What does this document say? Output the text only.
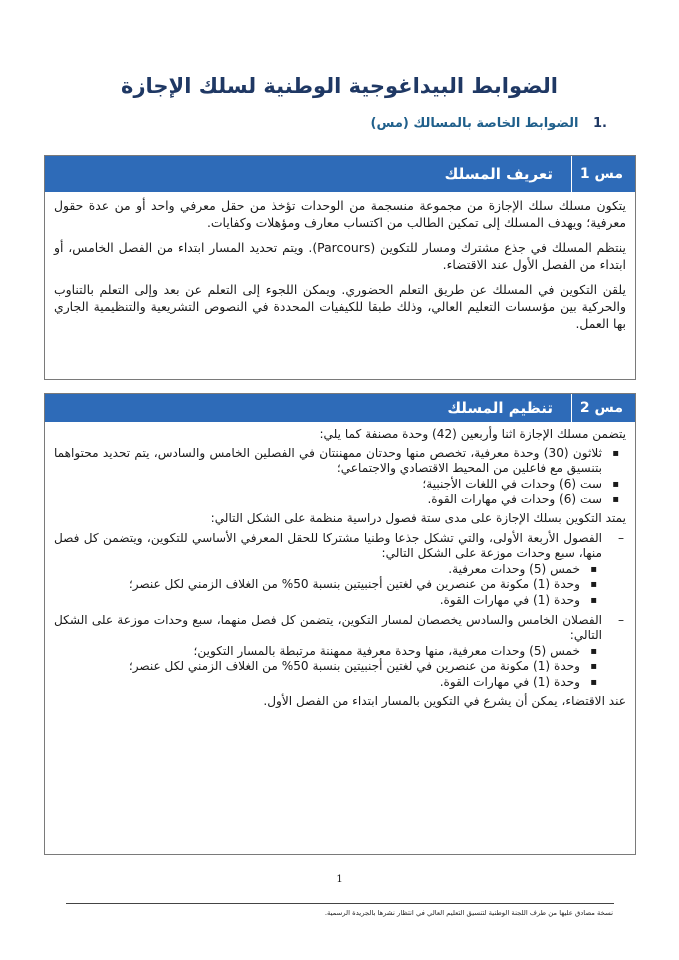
الضوابط البيداغوجية الوطنية لسلك الإجازة
.1 الضوابط الخاصة بالمسالك (مس)
مس 1
تعريف المسلك

يتكون مسلك سلك الإجازة من مجموعة منسجمة من الوحدات تؤخذ من حقل معرفي واحد أو من عدة حقول معرفية؛ ويهدف المسلك إلى تمكين الطالب من اكتساب معارف ومؤهلات وكفايات.

ينتظم المسلك في جذع مشترك ومسار للتكوين (Parcours). ويتم تحديد المسار ابتداء من الفصل الخامس، أو ابتداء من الفصل الأول عند الاقتضاء.

يلقن التكوين في المسلك عن طريق التعلم الحضوري. ويمكن اللجوء إلى التعلم عن بعد وإلى التعلم بالتناوب والحركية بين مؤسسات التعليم العالي، وذلك طبقا للكيفيات المحددة في النصوص التشريعية والتنظيمية الجاري بها العمل.

مس 2
تنظيم المسلك

يتضمن مسلك الإجازة اثنا وأربعين (42) وحدة مصنفة كما يلي:

▪ ثلاثون (30) وحدة معرفية، تخصص منها وحدتان ممهننتان في الفصلين الخامس والسادس، يتم تحديد محتواهما بتنسيق مع فاعلين من المحيط الاقتصادي والاجتماعي؛
▪ ست (6) وحدات في اللغات الأجنبية؛
▪ ست (6) وحدات في مهارات القوة.

يمتد التكوين بسلك الإجازة على مدى ستة فصول دراسية منظمة على الشكل التالي:

– الفصول الأربعة الأولى، والتي تشكل جذعا وطنيا مشتركا للحقل المعرفي الأساسي للتكوين، ويتضمن كل فصل منها، سبع وحدات موزعة على الشكل التالي:
▪ خمس (5) وحدات معرفية.
▪ وحدة (1) مكونة من عنصرين في لغتين أجنبيتين بنسبة 50% من الغلاف الزمني لكل عنصر؛
▪ وحدة (1) في مهارات القوة.
– الفصلان الخامس والسادس يخصصان لمسار التكوين، يتضمن كل فصل منهما، سبع وحدات موزعة على الشكل التالي:
▪ خمس (5) وحدات معرفية، منها وحدة معرفية ممهننة مرتبطة بالمسار التكوين؛
▪ وحدة (1) مكونة من عنصرين في لغتين أجنبيتين بنسبة 50% من الغلاف الزمني لكل عنصر؛
▪ وحدة (1) في مهارات القوة.

عند الاقتضاء، يمكن أن يشرع في التكوين بالمسار ابتداء من الفصل الأول.

1
نسخة مصادق عليها من طرف اللجنة الوطنية لتنسيق التعليم العالي في انتظار نشرها بالجريدة الرسمية.
